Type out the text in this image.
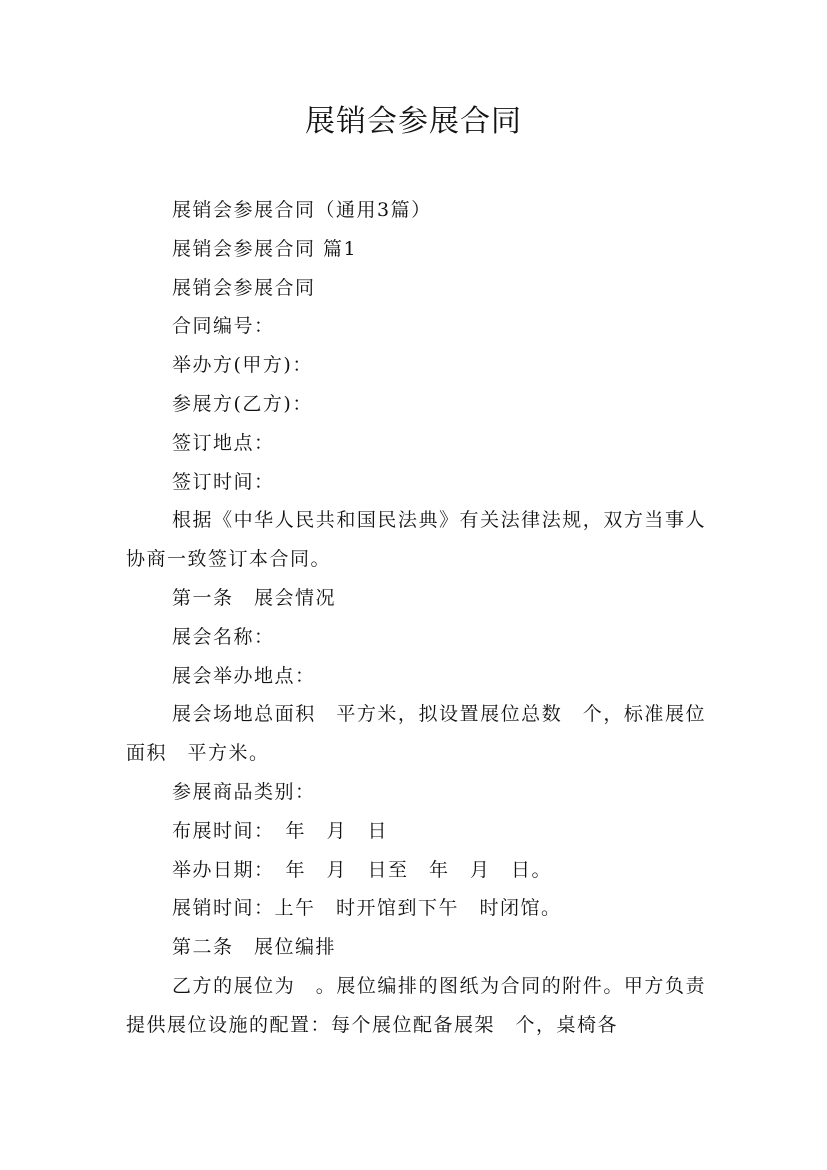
展销会参展合同

展销会参展合同（通用3篇）

展销会参展合同 篇1

展销会参展合同

合同编号：

举办方(甲方)：

参展方(乙方)：

签订地点：

签订时间：

根据《中华人民共和国民法典》有关法律法规，双方当事人协商一致签订本合同。

第一条　展会情况

展会名称：

展会举办地点：

展会场地总面积　平方米，拟设置展位总数　个，标准展位面积　平方米。

参展商品类别：

布展时间：　年　月　日

举办日期：　年　月　日至　年　月　日。

展销时间：上午　时开馆到下午　时闭馆。

第二条　展位编排

乙方的展位为　。展位编排的图纸为合同的附件。甲方负责提供展位设施的配置：每个展位配备展架　个，桌椅各
